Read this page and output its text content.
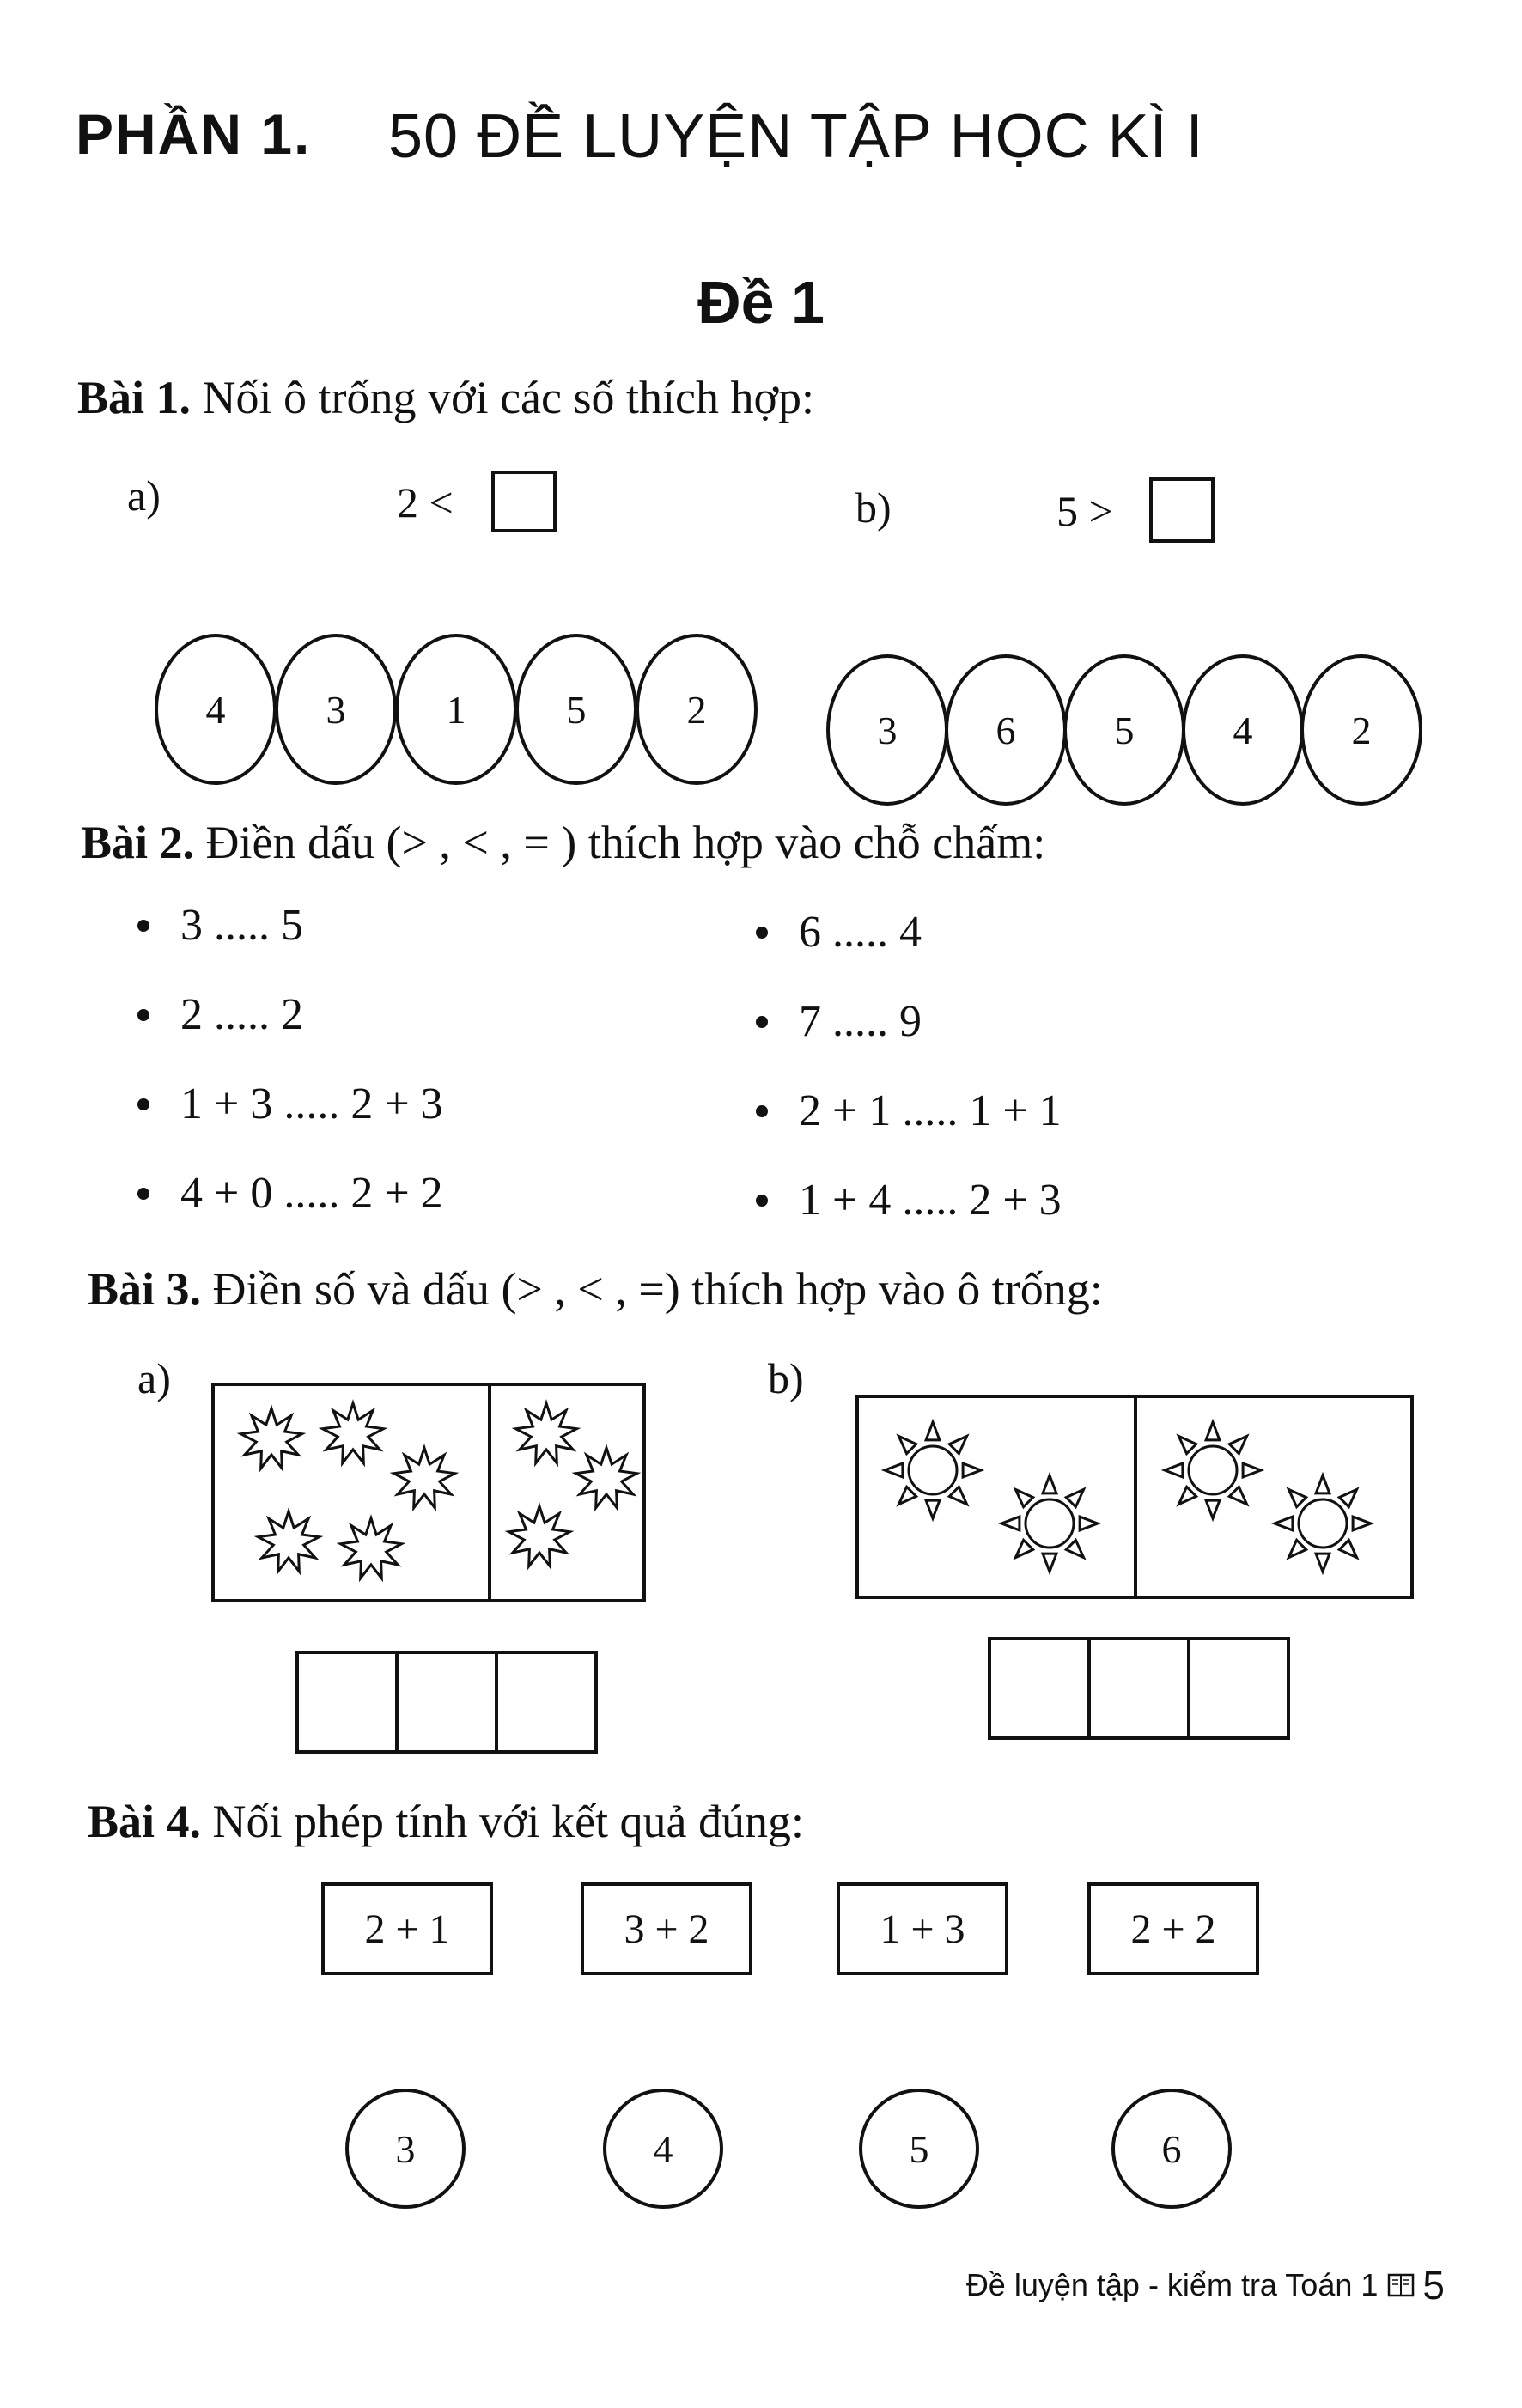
PHẦN 1. 50 ĐỀ LUYỆN TẬP HỌC KÌ I
Đề 1
Bài 1. Nối ô trống với các số thích hợp:
a)	2 <	b)	5 >
4	3	1	5	2	3	6	5	4	2
Bài 2. Điền dấu (> , < , = ) thích hợp vào chỗ chấm:
3 ..... 5
2 ..... 2
1 + 3 ..... 2 + 3
4 + 0 ..... 2 + 2
6 ..... 4
7 ..... 9
2 + 1 ..... 1 + 1
1 + 4 ..... 2 + 3
Bài 3. Điền số và dấu (> , < , =) thích hợp vào ô trống:
a)	b)
Bài 4. Nối phép tính với kết quả đúng:
2 + 1	3 + 2	1 + 3	2 + 2
3	4	5	6
Đề luyện tập - kiểm tra Toán 1 5
